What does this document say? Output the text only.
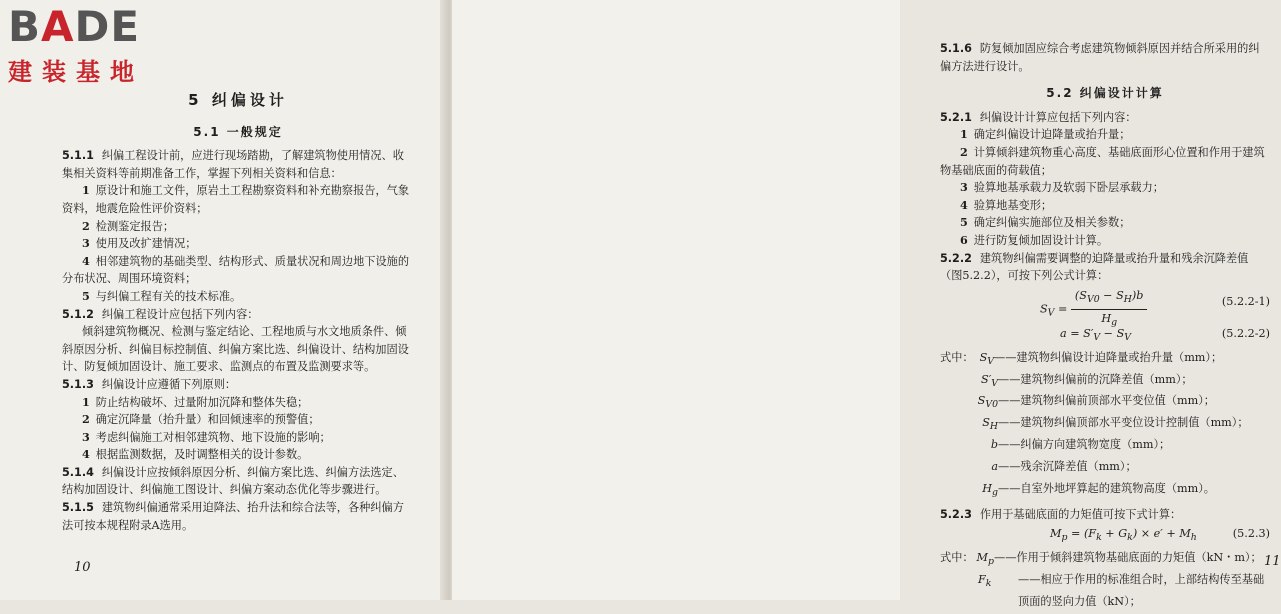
BADE
建装基地
5 纠偏设计
5.1 一般规定

5.1.1 纠偏工程设计前，应进行现场踏勘，了解建筑物使用情况、收集相关资料等前期准备工作，掌握下列相关资料和信息：

1 原设计和施工文件，原岩土工程勘察资料和补充勘察报告，气象资料，地震危险性评价资料；

2 检测鉴定报告；

3 使用及改扩建情况；

4 相邻建筑物的基础类型、结构形式、质量状况和周边地下设施的分布状况、周围环境资料；

5 与纠偏工程有关的技术标准。

5.1.2 纠偏工程设计应包括下列内容：

倾斜建筑物概况、检测与鉴定结论、工程地质与水文地质条件、倾斜原因分析、纠偏目标控制值、纠偏方案比选、纠偏设计、结构加固设计、防复倾加固设计、施工要求、监测点的布置及监测要求等。

5.1.3 纠偏设计应遵循下列原则：

1 防止结构破坏、过量附加沉降和整体失稳；

2 确定沉降量（抬升量）和回倾速率的预警值；

3 考虑纠偏施工对相邻建筑物、地下设施的影响；

4 根据监测数据，及时调整相关的设计参数。

5.1.4 纠偏设计应按倾斜原因分析、纠偏方案比选、纠偏方法选定、结构加固设计、纠偏施工图设计、纠偏方案动态优化等步骤进行。

5.1.5 建筑物纠偏通常采用迫降法、抬升法和综合法等，各种纠偏方法可按本规程附录A选用。

10

5.1.6 防复倾加固应综合考虑建筑物倾斜原因并结合所采用的纠偏方法进行设计。

5.2 纠偏设计计算

5.2.1 纠偏设计计算应包括下列内容：

1 确定纠偏设计迫降量或抬升量；

2 计算倾斜建筑物重心高度、基础底面形心位置和作用于建筑物基础底面的荷载值；

3 验算地基承载力及软弱下卧层承载力；

4 验算地基变形；

5 确定纠偏实施部位及相关参数；

6 进行防复倾加固设计计算。

5.2.2 建筑物纠偏需要调整的迫降量或抬升量和残余沉降差值（图5.2.2），可按下列公式计算：

$S_V = \frac{(S_{V0} - S_H)b}{H_g}$	(5.2.2-1)
$a = S'_V - S_V$	(5.2.2-2)

式中： $S_V——$建筑物纠偏设计迫降量或抬升量（mm）；

$S'_V——$建筑物纠偏前的沉降差值（mm）；

$S_{V0}——$建筑物纠偏前顶部水平变位值（mm）；

$S_H——$建筑物纠偏顶部水平变位设计控制值（mm）；

b——纠偏方向建筑物宽度（mm）；

a——残余沉降差值（mm）；

$H_g——$自室外地坪算起的建筑物高度（mm）。

5.2.3 作用于基础底面的力矩值可按下式计算：

$M_p = (F_k + G_k) \times e' + M_h$	(5.2.3)

式中： $M_p——$作用于倾斜建筑物基础底面的力矩值（kN・m）；

$F_k$ ——相应于作用的标准组合时，上部结构传至基础顶面的竖向力值（kN）；

11
